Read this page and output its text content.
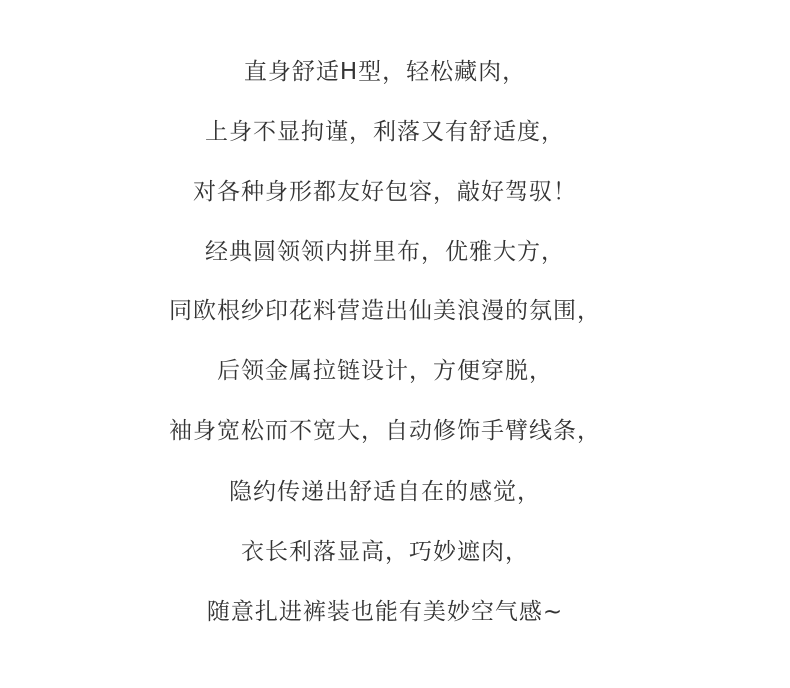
直身舒适H型，轻松藏肉，
上身不显拘谨，利落又有舒适度，
对各种身形都友好包容，敲好驾驭！
经典圆领领内拼里布，优雅大方，
同欧根纱印花料营造出仙美浪漫的氛围，
后领金属拉链设计，方便穿脱，
袖身宽松而不宽大，自动修饰手臂线条，
隐约传递出舒适自在的感觉，
衣长利落显高，巧妙遮肉，
随意扎进裤装也能有美妙空气感~
